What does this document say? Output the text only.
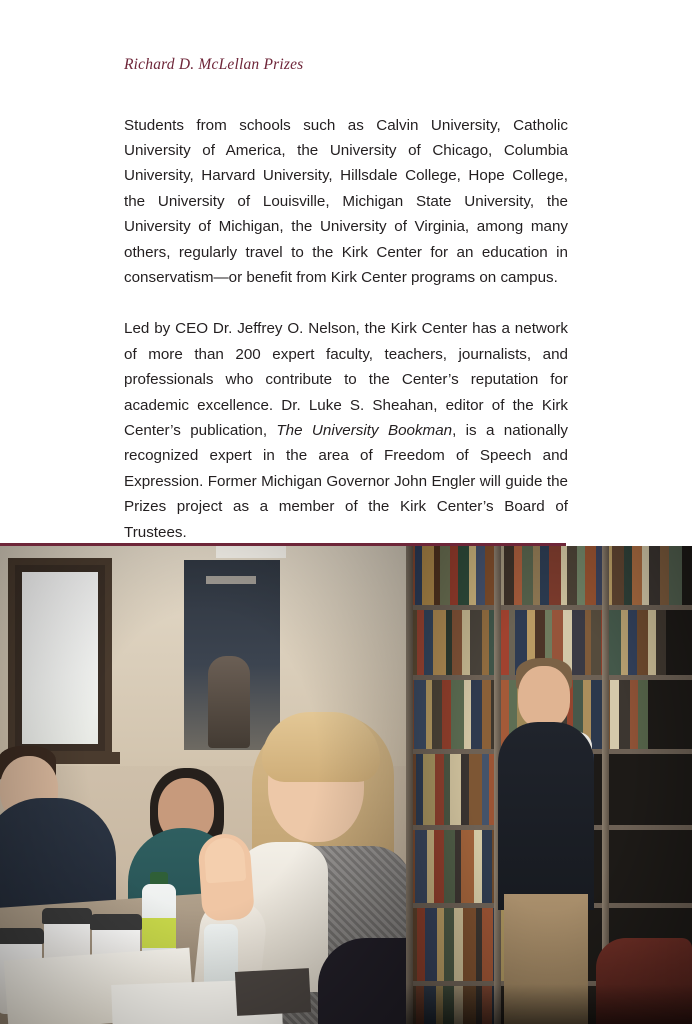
Richard D. McLellan Prizes

Students from schools such as Calvin University, Catholic University of America, the University of Chicago, Columbia University, Harvard University, Hillsdale College, Hope College, the University of Louisville, Michigan State University, the University of Michigan, the University of Virginia, among many others, regularly travel to the Kirk Center for an education in conservatism—or benefit from Kirk Center programs on campus.

Led by CEO Dr. Jeffrey O. Nelson, the Kirk Center has a network of more than 200 expert faculty, teachers, journalists, and professionals who contribute to the Center’s reputation for academic excellence. Dr. Luke S. Sheahan, editor of the Kirk Center’s publication, The University Bookman, is a nationally recognized expert in the area of Freedom of Speech and Expression. Former Michigan Governor John Engler will guide the Prizes project as a member of the Kirk Center’s Board of Trustees.
